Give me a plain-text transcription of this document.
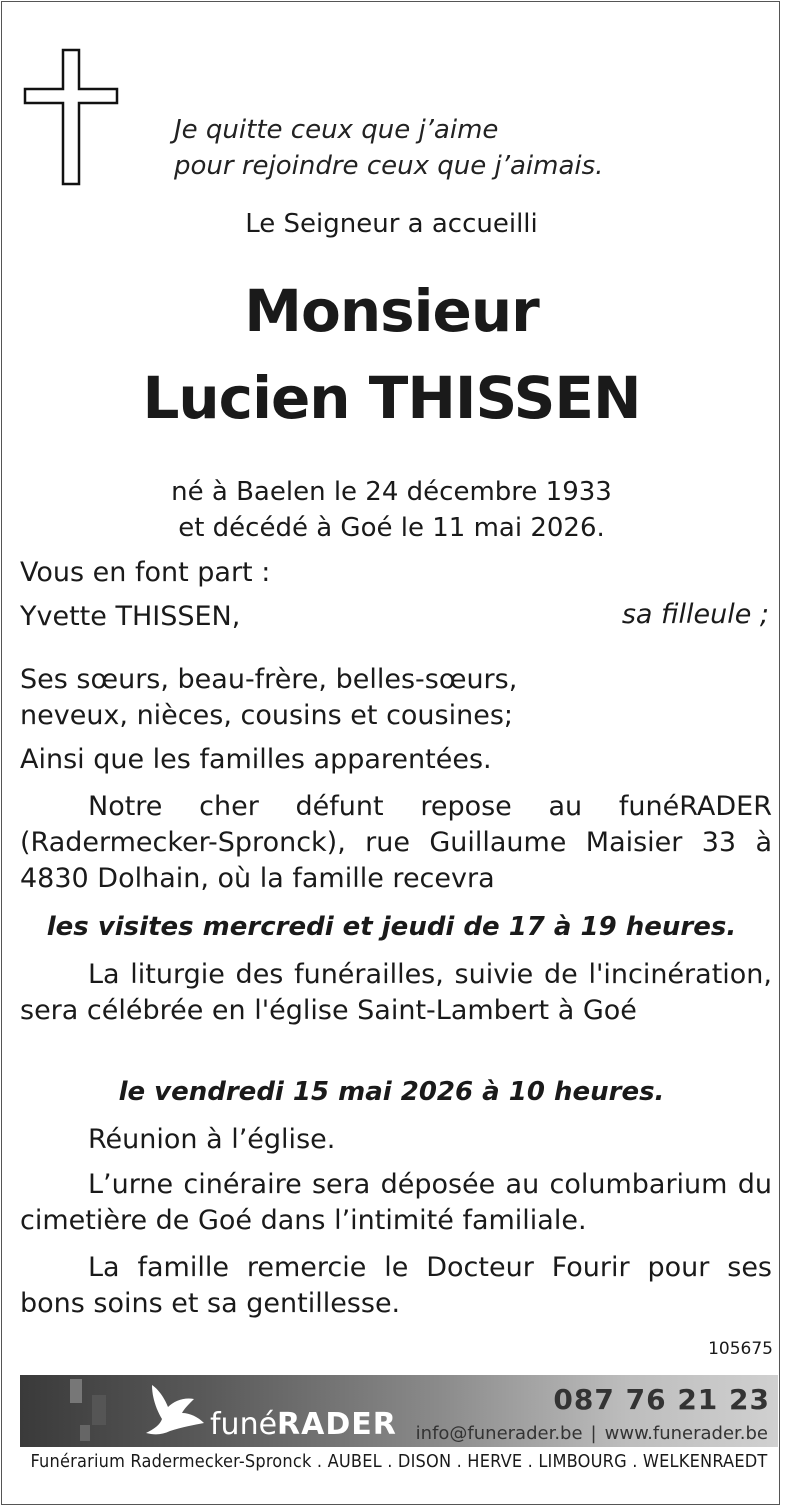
Je quitte ceux que j’aime
pour rejoindre ceux que j’aimais.
Le Seigneur a accueilli
Monsieur
Lucien THISSEN
né à Baelen le 24 décembre 1933
et décédé à Goé le 11 mai 2026.
Vous en font part :
Yvette THISSEN,	sa filleule ;
Ses sœurs, beau-frère, belles-sœurs, neveux, nièces, cousins et cousines;
Ainsi que les familles apparentées.
Notre cher défunt repose au funéRADER (Radermecker-Spronck), rue Guillaume Maisier 33 à 4830 Dolhain, où la famille recevra
les visites mercredi et jeudi de 17 à 19 heures.
La liturgie des funérailles, suivie de l'incinération, sera célébrée en l'église Saint-Lambert à Goé
le vendredi 15 mai 2026 à 10 heures.
Réunion à l’église.
L’urne cinéraire sera déposée au columbarium du cimetière de Goé dans l’intimité familiale.
La famille remercie le Docteur Fourir pour ses bons soins et sa gentillesse.
105675
funéRADER
087 76 21 23
info@funerader.be | www.funerader.be
Funérarium Radermecker-Spronck . AUBEL . DISON . HERVE . LIMBOURG . WELKENRAEDT
